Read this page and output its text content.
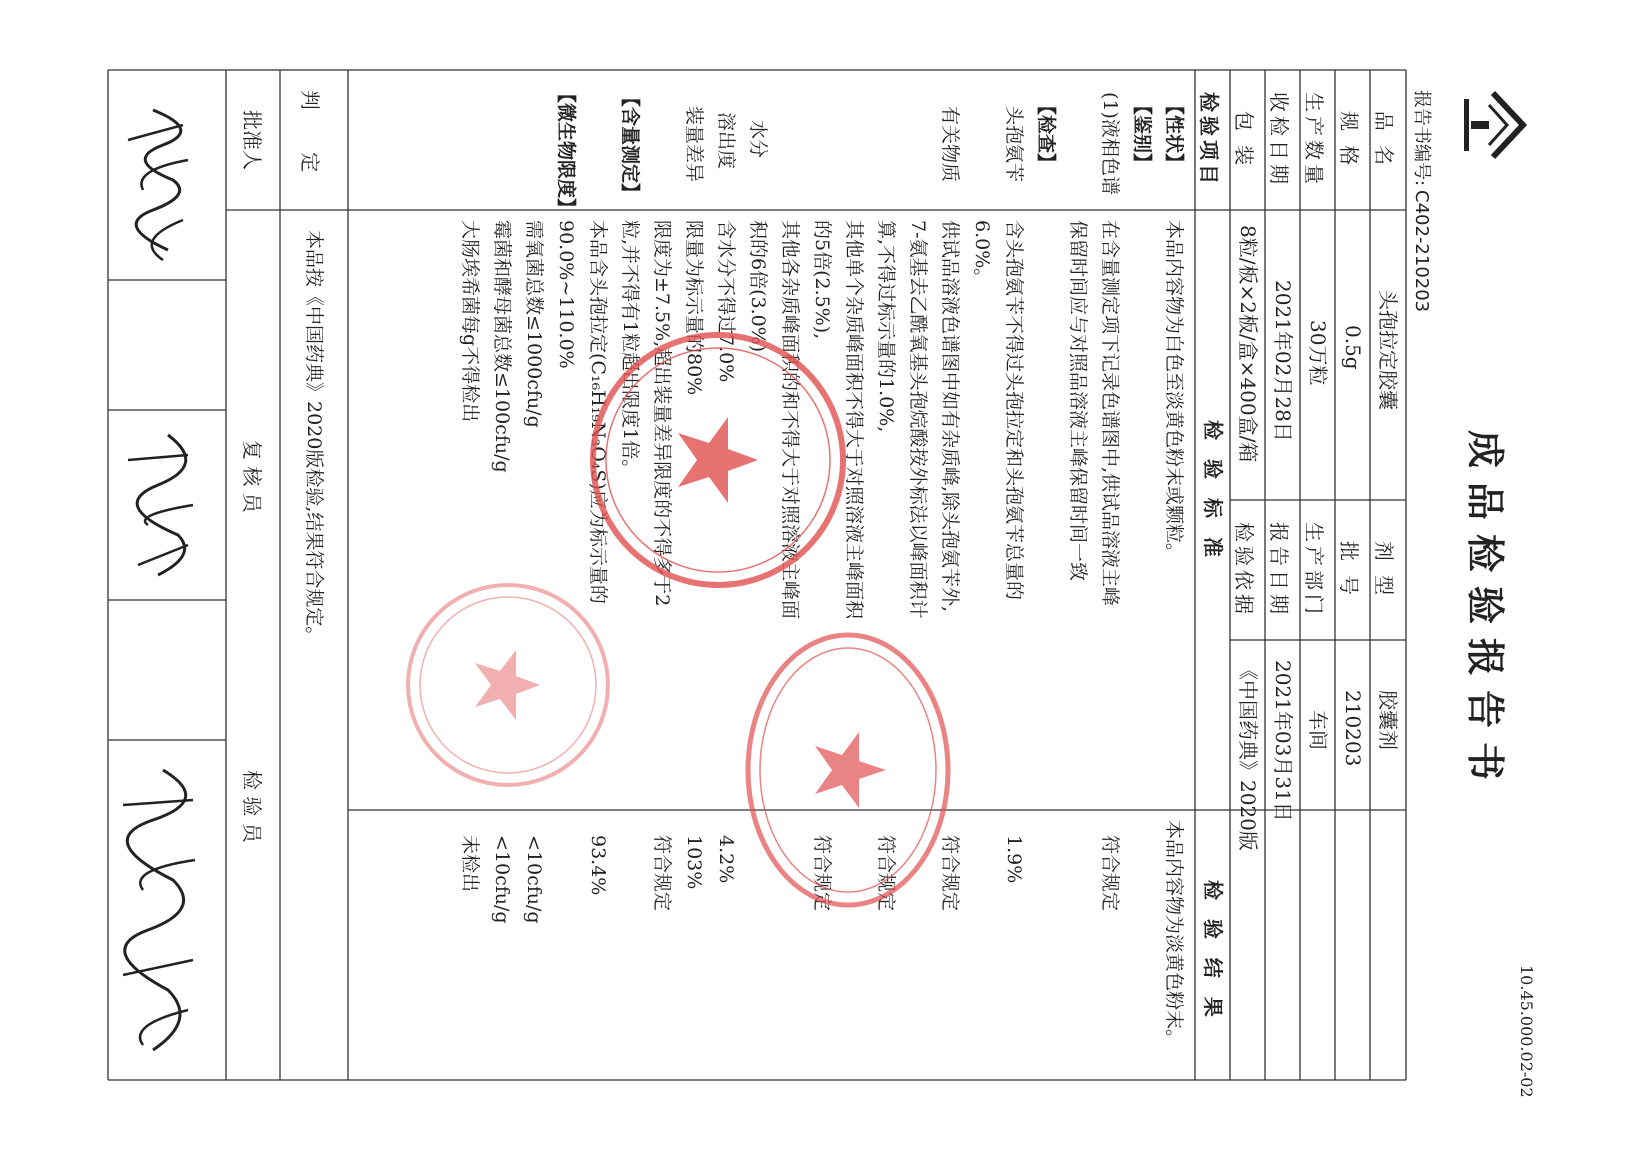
10.45.000.02-02
成品检验报告书
报告书编号:
C402-210203
品 名
头孢拉定胶囊
剂 型
胶囊剂
规 格
0.5g
批 号
210203
生产数量
30万粒
生产部门
车间
收检日期
2021年02月28日
报告日期
2021年03月31日
包 装
8粒/板×2板/盒×400盒/箱
检验依据
《中国药典》2020版
检验项目
检 验 标 准
检 验 结 果
【性状】
【鉴别】
(1)液相色谱
【检查】
头孢氨苄
有关物质
水分
溶出度
装量差异
【含量测定】
【微生物限度】
本品内容物为白色至淡黄色粉末或颗粒。
在含量测定项下记录色谱图中,供试品溶液主峰
保留时间应与对照品溶液主峰保留时间一致
含头孢氨苄不得过头孢拉定和头孢氨苄总量的
6.0%。
供试品溶液色谱图中如有杂质峰,除头孢氨苄外,
7-氨基去乙酰氧基头孢烷酸按外标法以峰面积计
算,不得过标示量的1.0%,
其他单个杂质峰面积不得大于对照溶液主峰面积
的5倍(2.5%),
其他各杂质峰面积的和不得大于对照溶液主峰面
积的6倍(3.0%)
含水分不得过7.0%
限量为标示量的80%
限度为±7.5%,超出装量差异限度的不得多于2
粒,并不得有1粒超出限度1倍。
本品含头孢拉定(C₁₆H₁₉N₃O₄S)应为标示量的
90.0%~110.0%
需氧菌总数≤1000cfu/g
霉菌和酵母菌总数≤100cfu/g
大肠埃希菌每g不得检出
本品内容物为淡黄色粉末。
符合规定
1.9%
符合规定
符合规定
符合规定
4.2%
103%
符合规定
93.4%
<10cfu/g
<10cfu/g
未检出
判 定
本品按《中国药典》2020版检验,结果符合规定。
批准人
复 核 员
检 验 员
